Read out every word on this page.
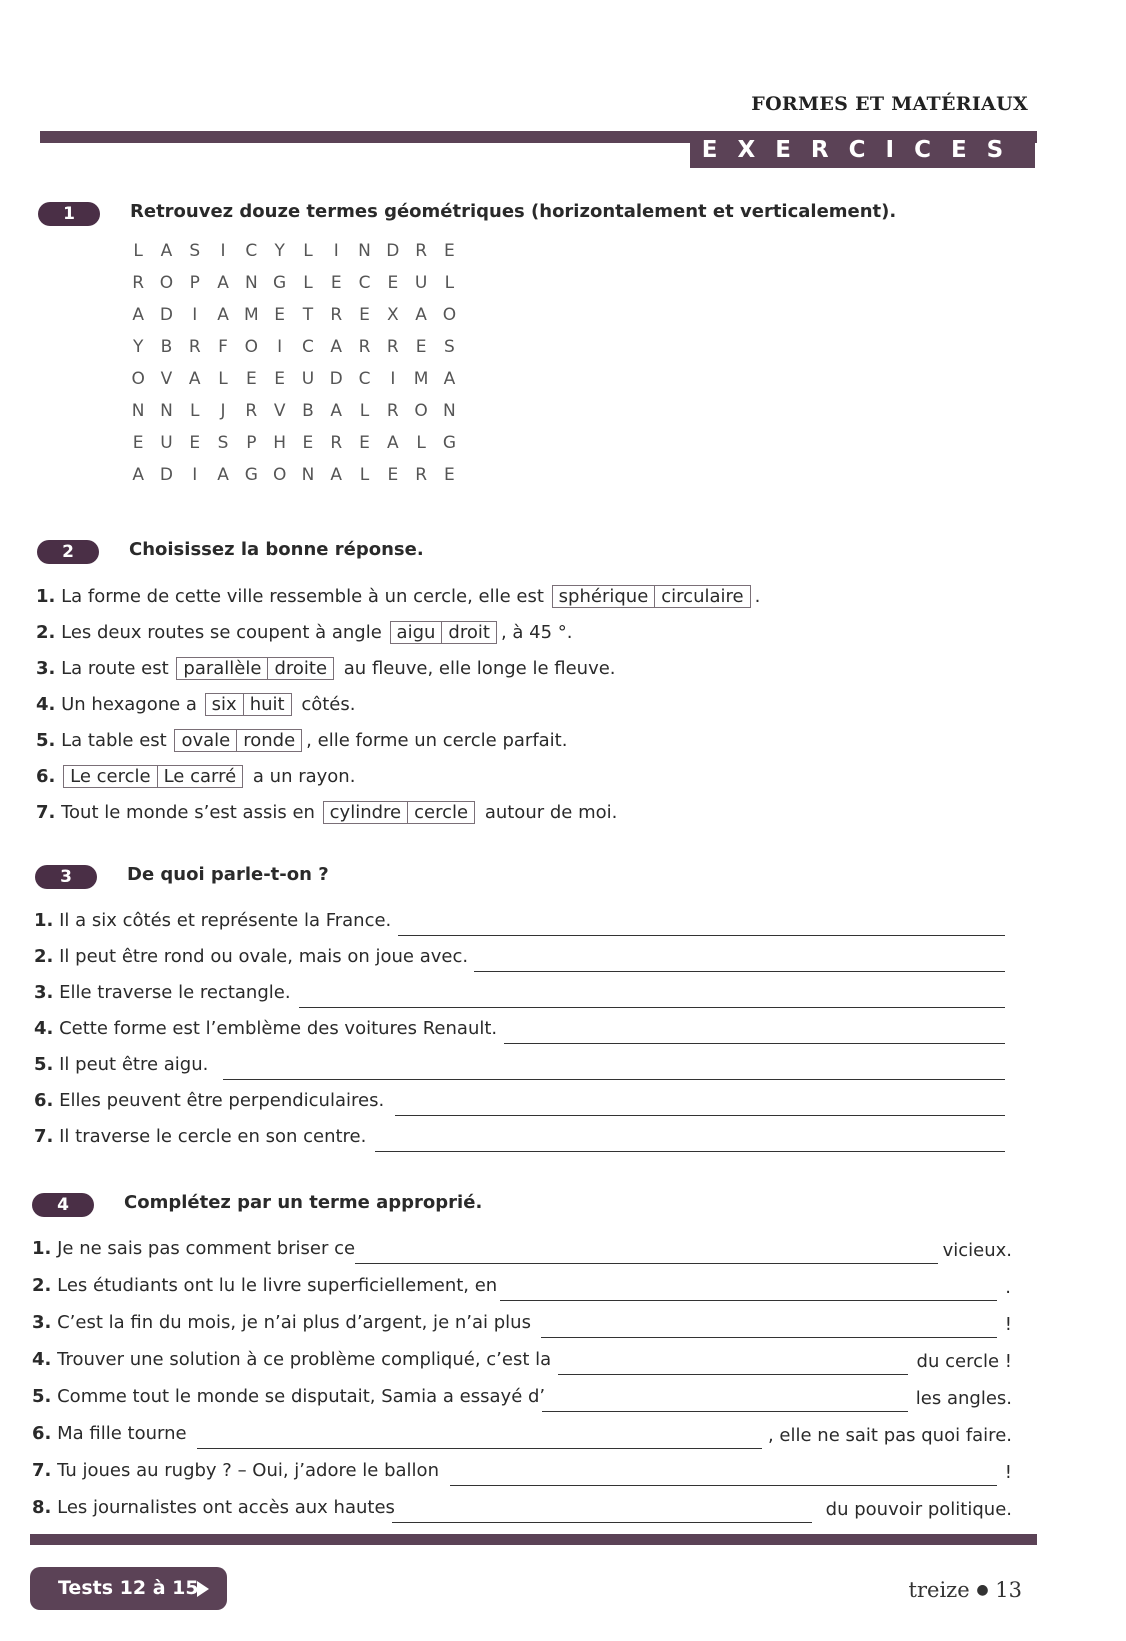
FORMES ET MATÉRIAUX
EXERCICES
1	Retrouvez douze termes géométriques (horizontalement et verticalement).
L	A	S	I	C	Y	L	I	N D R	E
R O P	A N G L	E C E U	L
A D	I	A M E	T	R	E	X A O
Y	B R	F O	I	C A R R	E	S
O V A	L	E	E U D C	I	M A
N N	L	J	R V B A	L	R O N
E U E	S	P H E	R	E	A	L G
A D	I	A G O N A	L	E	R	E
2	Choisissez la bonne réponse.
1. La forme de cette ville ressemble à un cercle, elle est sphérique circulaire .
2. Les deux routes se coupent à angle aigu droit , à 45 °.
3. La route est parallèle droite au fleuve, elle longe le fleuve.
4. Un hexagone a six huit côtés.
5. La table est ovale ronde , elle forme un cercle parfait.
6. Le cercle Le carré a un rayon.
7. Tout le monde s’est assis en cylindre cercle autour de moi.
3	De quoi parle-t-on ?
1. Il a six côtés et représente la France.
2. Il peut être rond ou ovale, mais on joue avec.
3. Elle traverse le rectangle.
4. Cette forme est l’emblème des voitures Renault.
5. Il peut être aigu.
6. Elles peuvent être perpendiculaires.
7. Il traverse le cercle en son centre.
4	Complétez par un terme approprié.
1. Je ne sais pas comment briser ce	vicieux.
2. Les étudiants ont lu le livre superficiellement, en	.
3. C’est la fin du mois, je n’ai plus d’argent, je n’ai plus	!
4. Trouver une solution à ce problème compliqué, c’est la	du cercle !
5. Comme tout le monde se disputait, Samia a essayé d’	les angles.
6. Ma fille tourne	, elle ne sait pas quoi faire.
7. Tu joues au rugby ? – Oui, j’adore le ballon	!
8. Les journalistes ont accès aux hautes	du pouvoir politique.
Tests 12 à 15	treize ● 13
